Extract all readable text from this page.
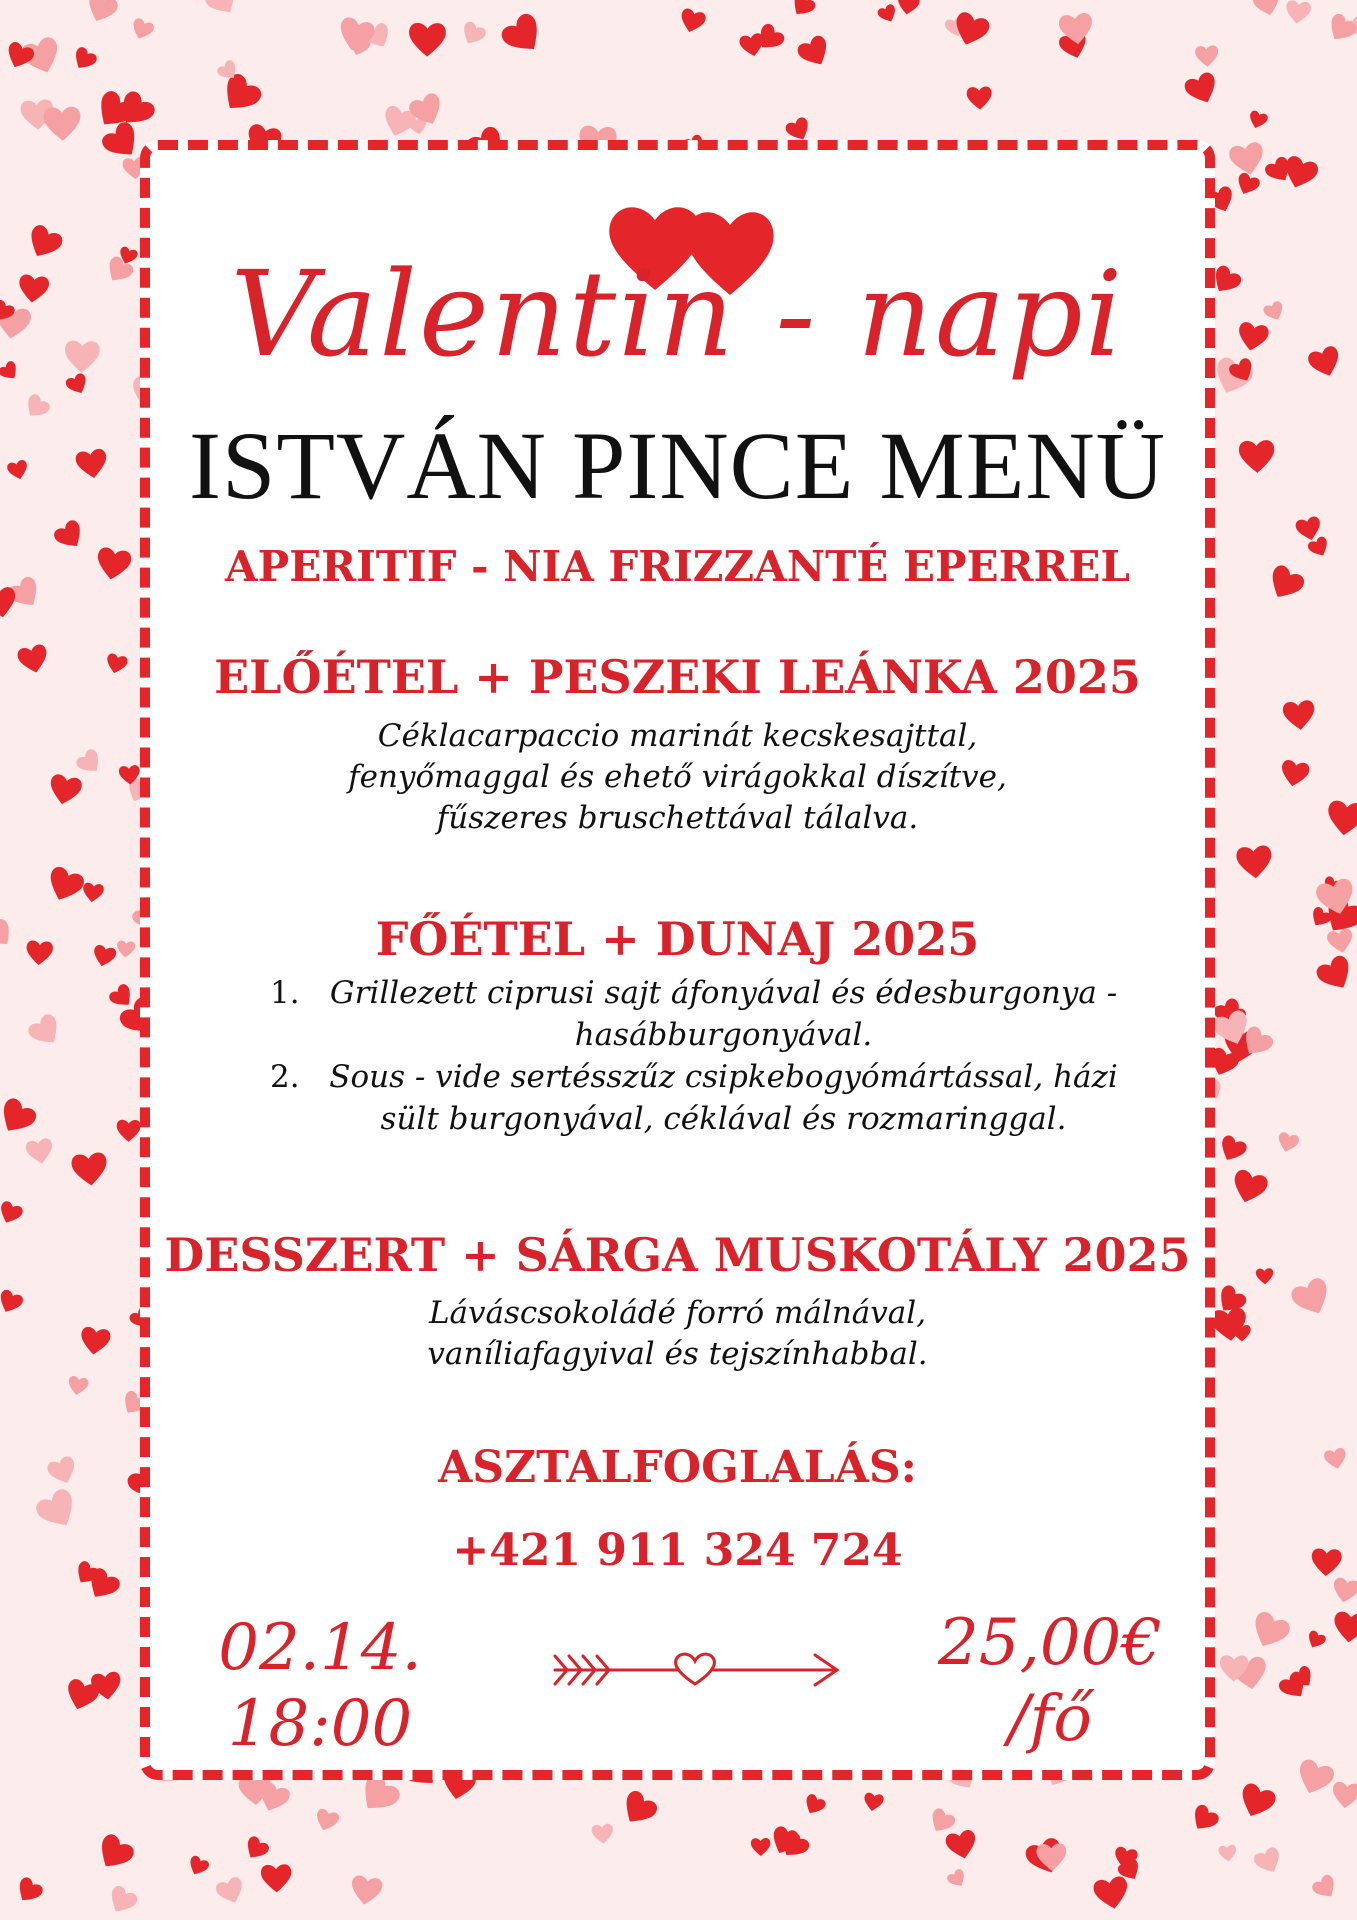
Valentin - napi
ISTVÁN PINCE MENÜ
APERITIF - NIA FRIZZANTÉ EPERREL
ELŐÉTEL + PESZEKI LEÁNKA 2025
Céklacarpaccio marinát kecskesajttal,
fenyőmaggal és ehető virágokkal díszítve,
fűszeres bruschettával tálalva.
FŐÉTEL + DUNAJ 2025
1. Grillezett ciprusi sajt áfonyával és édesburgonya -
hasábburgonyával.
2. Sous - vide sertésszűz csipkebogyómártással, házi
sült burgonyával, céklával és rozmaringgal.
DESSZERT + SÁRGA MUSKOTÁLY 2025
Láváscsokoládé forró málnával,
vaníliafagyival és tejszínhabbal.
ASZTALFOGLALÁS:
+421 911 324 724
02.14.
18:00
25,00€
/fő
